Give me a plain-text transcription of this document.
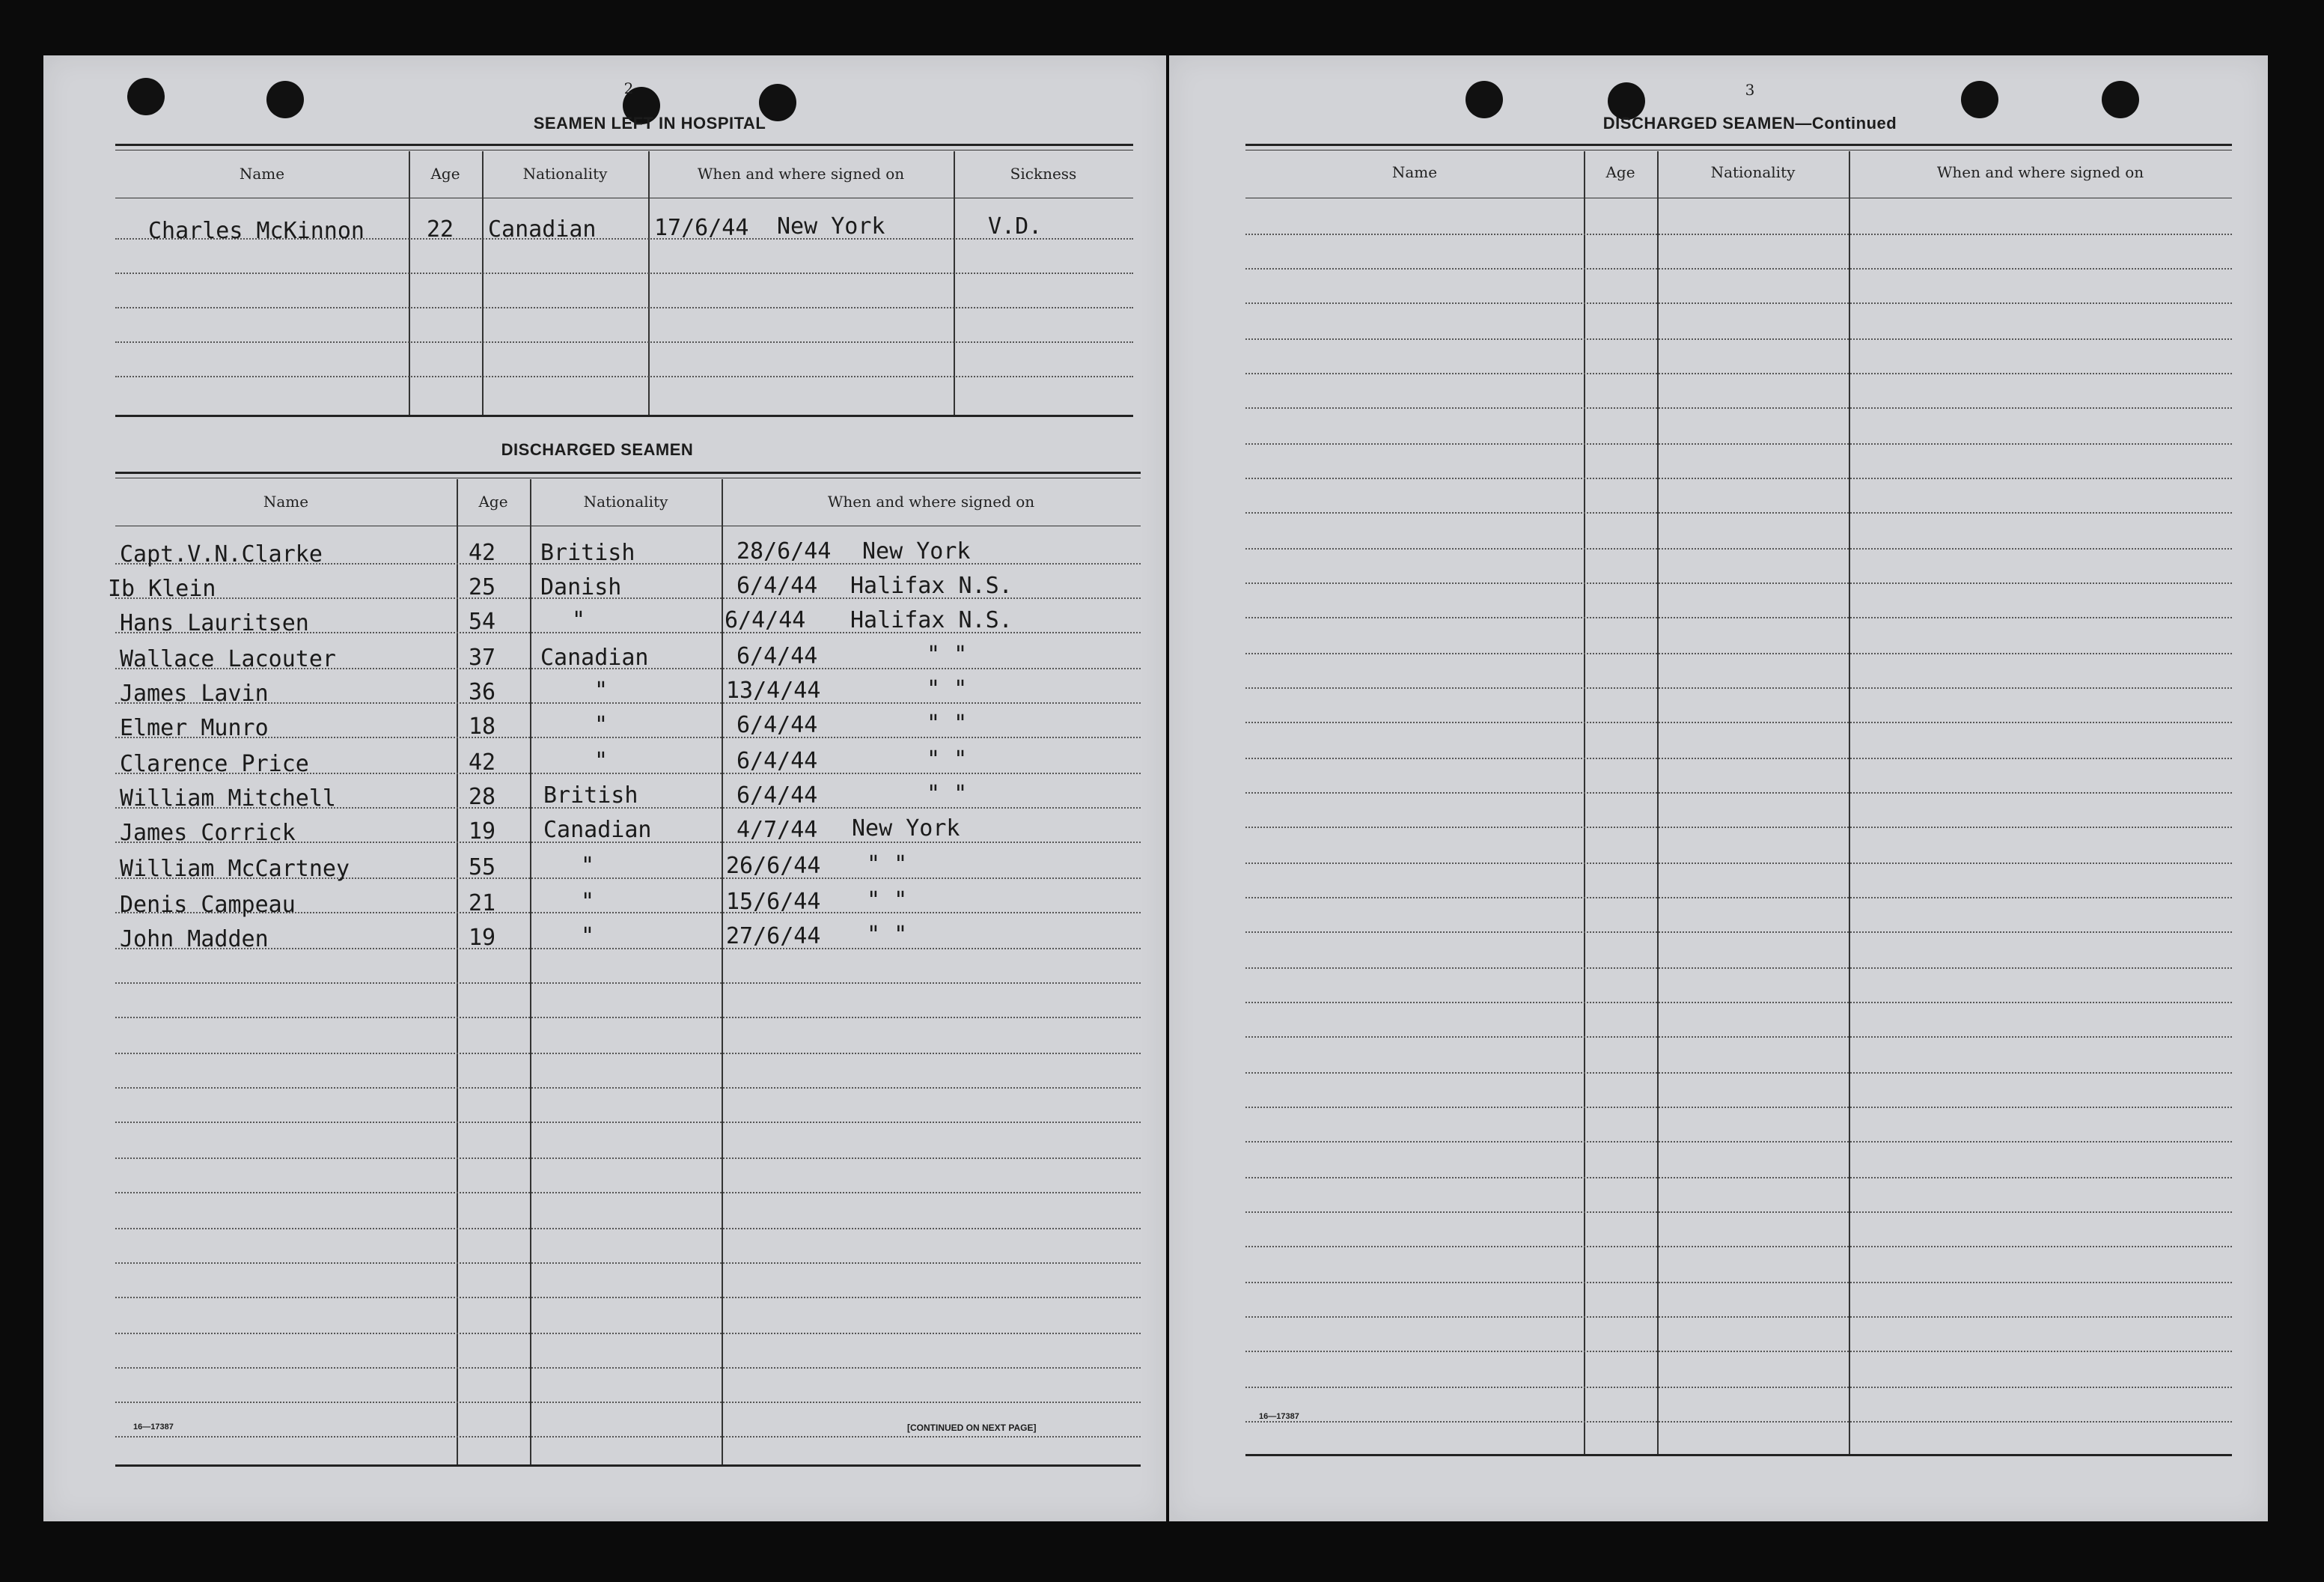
2
SEAMEN LEFT IN HOSPITAL
Name	Age	Nationality	When and where signed on	Sickness
Charles McKinnon	22 Canadian	17/6/44 New York	V.D.
DISCHARGED SEAMEN
Name	Age	Nationality	When and where signed on
Capt.V.N.Clarke	42 British	28/6/44 New York
Ib Klein	25 Danish	6/4/44 Halifax N.S.
Hans Lauritsen	54	"	6/4/44 Halifax N.S.
Wallace Lacouter	37 Canadian	6/4/44	" "
James Lavin	36	"	13/4/44	" "
Elmer Munro	18	"	6/4/44	" "
Clarence Price	42	"	6/4/44	" "
William Mitchell	28 British	6/4/44	" "
James Corrick	19 Canadian	4/7/44 New York
William McCartney	55	"	26/6/44 " "
Denis Campeau	21	"	15/6/44 " "
John Madden	19	"	27/6/44 " "
16—17387	[CONTINUED ON NEXT PAGE]
3
DISCHARGED SEAMEN—Continued
Name	Age	Nationality	When and where signed on
16—17387
